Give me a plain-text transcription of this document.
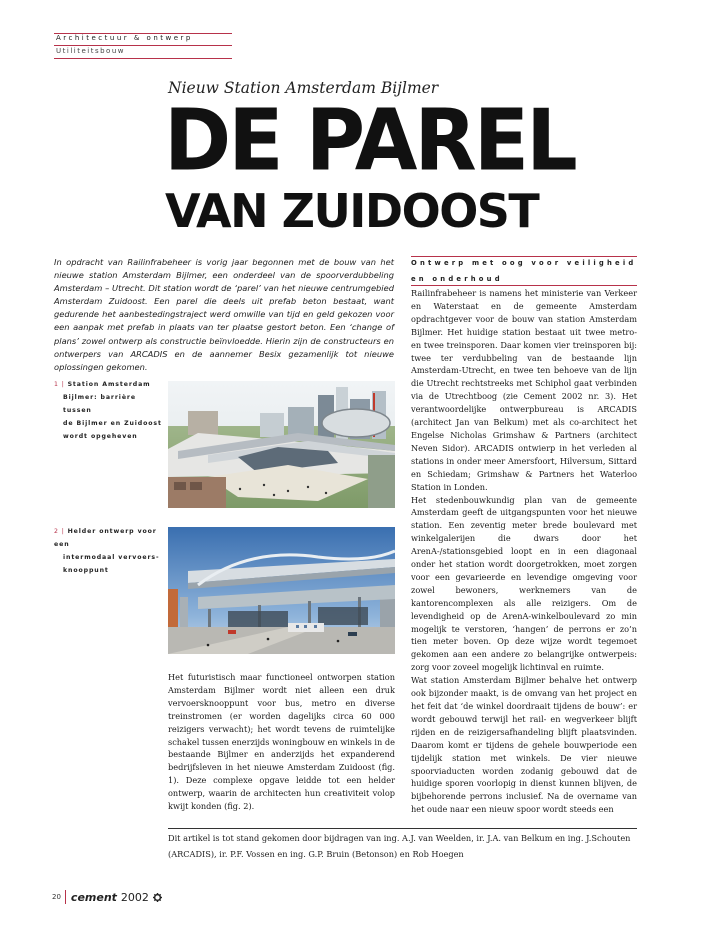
Architectuur & ontwerp
Utiliteitsbouw
Nieuw Station Amsterdam Bijlmer
DE PAREL
VAN ZUIDOOST

In opdracht van Railinfrabeheer is vorig jaar begonnen met de bouw van het nieuwe station Amsterdam Bijlmer, een onderdeel van de spoorverdubbeling Amsterdam – Utrecht. Dit station wordt de ‘parel’ van het nieuwe centrumgebied Amsterdam Zuidoost. Een parel die deels uit prefab beton bestaat, want gedurende het aanbestedingstraject werd omwille van tijd en geld gekozen voor een aanpak met prefab in plaats van ter plaatse gestort beton. Een ‘change of plans’ zowel ontwerp als constructie beïnvloedde. Hierin zijn de constructeurs en ontwerpers van ARCADIS en de aannemer Besix gezamenlijk tot nieuwe oplossingen gekomen.

1 | Station Amsterdam
Bijlmer: barrière tussen
de Bijlmer en Zuidoost
wordt opgeheven
2 | Helder ontwerp voor een
intermodaal vervoers-
knooppunt

Het futuristisch maar functioneel ontworpen station Amsterdam Bijlmer wordt niet alleen een druk vervoersknooppunt voor bus, metro en diverse treinstromen (er worden dagelijks circa 60 000 reizigers verwacht); het wordt tevens de ruimtelijke schakel tussen enerzijds woningbouw en winkels in de bestaande Bijlmer en anderzijds het expanderend bedrijfsleven in het nieuwe Amsterdam Zuidoost (fig. 1). Deze complexe opgave leidde tot een helder ontwerp, waarin de architecten hun creativiteit volop kwijt konden (fig. 2).

Ontwerp met oog voor veiligheid en onderhoud

Railinfrabeheer is namens het ministerie van Verkeer en Waterstaat en de gemeente Amsterdam opdrachtgever voor de bouw van station Amsterdam Bijlmer. Het huidige station bestaat uit twee metro- en twee treinsporen. Daar komen vier treinsporen bij: twee ter verdubbeling van de bestaande lijn Amsterdam-Utrecht, en twee ten behoeve van de lijn die Utrecht rechtstreeks met Schiphol gaat verbinden via de Utrechtboog (zie Cement 2002 nr. 3). Het verantwoordelijke ontwerpbureau is ARCADIS (architect Jan van Belkum) met als co-architect het Engelse Nicholas Grimshaw & Partners (architect Neven Sidor). ARCADIS ontwierp in het verleden al stations in onder meer Amersfoort, Hilversum, Sittard en Schiedam; Grimshaw & Partners het Waterloo Station in Londen.

Het stedenbouwkundig plan van de gemeente Amsterdam geeft de uitgangspunten voor het nieuwe station. Een zeventig meter brede boulevard met winkelgalerijen die dwars door het ArenA-/stationsgebied loopt en in een diagonaal onder het station wordt doorgetrokken, moet zorgen voor een gevarieerde en levendige omgeving voor zowel bewoners, werknemers van de kantorencomplexen als alle reizigers. Om de levendigheid op de ArenA-winkelboulevard zo min mogelijk te verstoren, ‘hangen’ de perrons er zo’n tien meter boven. Op deze wijze wordt tegemoet gekomen aan een andere zo belangrijke ontwerpeis: zorg voor zoveel mogelijk lichtinval en ruimte.

Wat station Amsterdam Bijlmer behalve het ontwerp ook bijzonder maakt, is de omvang van het project en het feit dat ‘de winkel doordraait tijdens de bouw’: er wordt gebouwd terwijl het rail- en wegverkeer blijft rijden en de reizigersafhandeling blijft plaatsvinden. Daarom komt er tijdens de gehele bouwperiode een tijdelijk station met winkels. De vier nieuwe spoorviaducten worden zodanig gebouwd dat de huidige sporen voorlopig in dienst kunnen blijven, de bijbehorende perrons inclusief. Na de overname van het oude naar een nieuw spoor wordt steeds een

Dit artikel is tot stand gekomen door bijdragen van ing. A.J. van Weelden, ir. J.A. van Belkum en ing. J.Schouten (ARCADIS), ir. P.F. Vossen en ing. G.P. Bruin (Betonson) en Rob Hoegen

20 cement 2002
